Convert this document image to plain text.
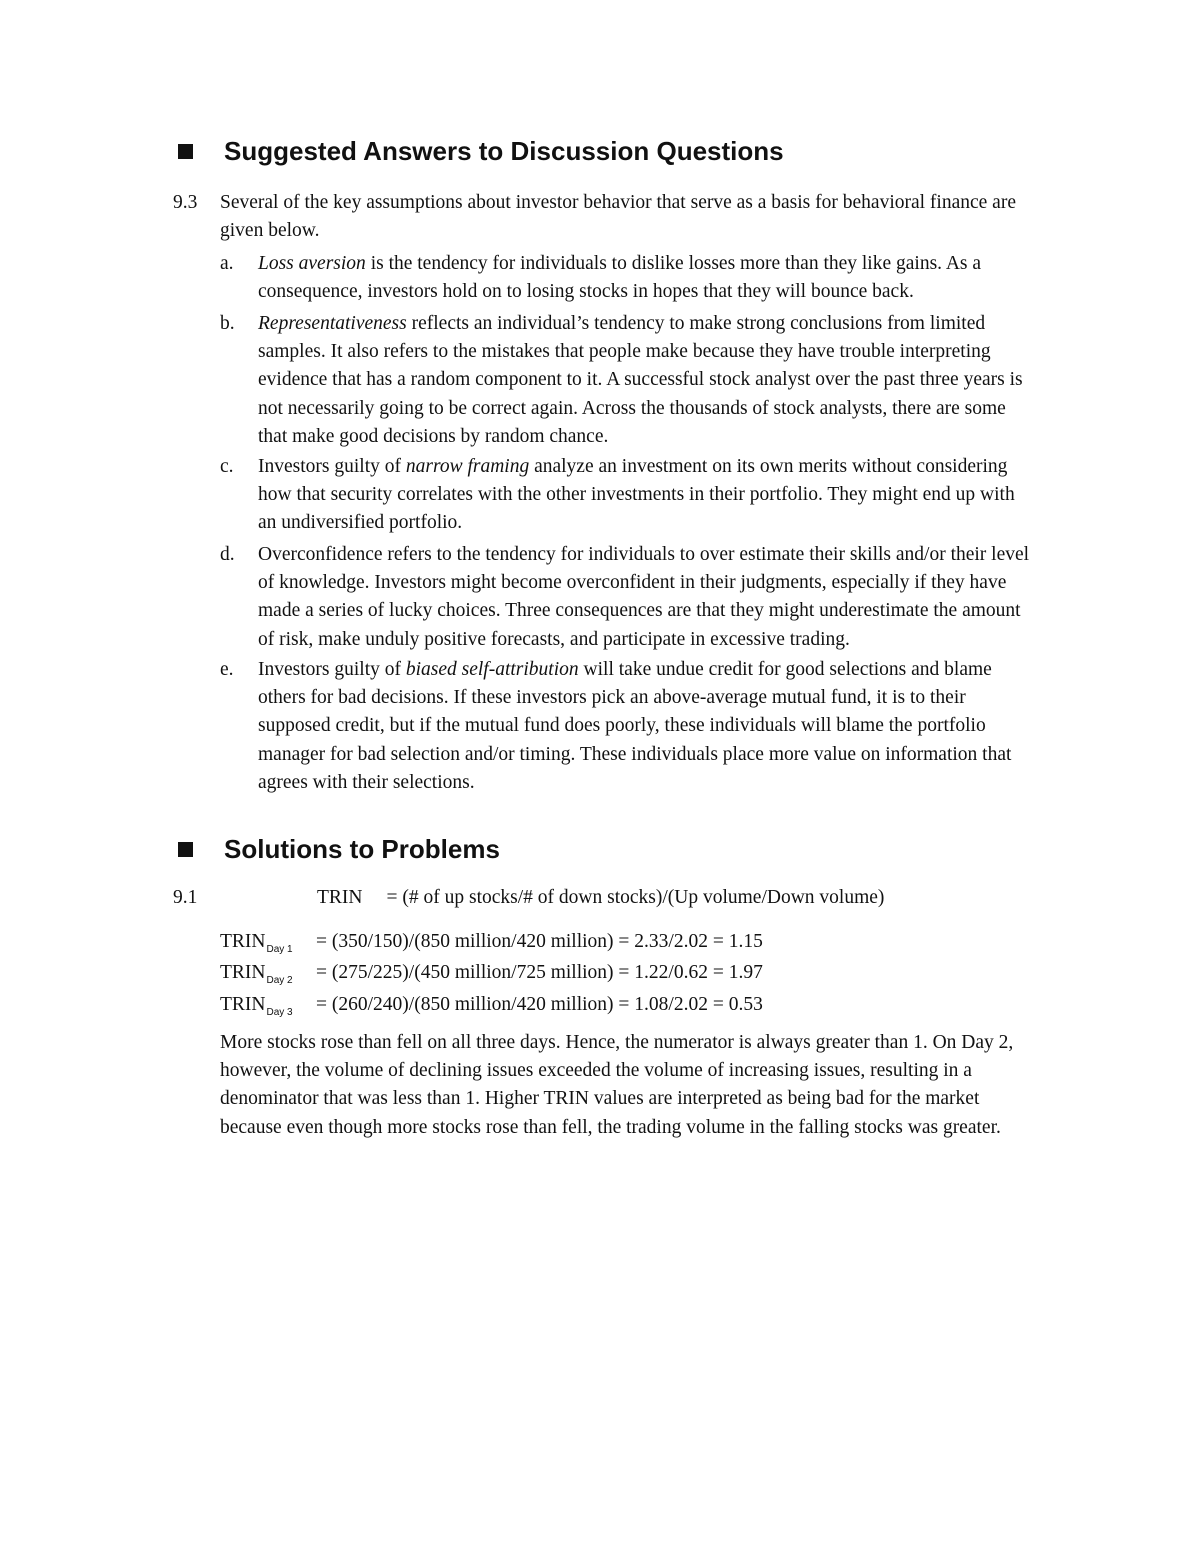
Suggested Answers to Discussion Questions
9.3 Several of the key assumptions about investor behavior that serve as a basis for behavioral finance are
given below.
a. Loss aversion is the tendency for individuals to dislike losses more than they like gains. As a
consequence, investors hold on to losing stocks in hopes that they will bounce back.
b. Representativeness reflects an individual’s tendency to make strong conclusions from limited
samples. It also refers to the mistakes that people make because they have trouble interpreting
evidence that has a random component to it. A successful stock analyst over the past three years is
not necessarily going to be correct again. Across the thousands of stock analysts, there are some
that make good decisions by random chance.
c. Investors guilty of narrow framing analyze an investment on its own merits without considering
how that security correlates with the other investments in their portfolio. They might end up with
an undiversified portfolio.
d. Overconfidence refers to the tendency for individuals to over estimate their skills and/or their level
of knowledge. Investors might become overconfident in their judgments, especially if they have
made a series of lucky choices. Three consequences are that they might underestimate the amount
of risk, make unduly positive forecasts, and participate in excessive trading.
e. Investors guilty of biased self-attribution will take undue credit for good selections and blame
others for bad decisions. If these investors pick an above-average mutual fund, it is to their
supposed credit, but if the mutual fund does poorly, these individuals will blame the portfolio
manager for bad selection and/or timing. These individuals place more value on information that
agrees with their selections.
Solutions to Problems
9.1	TRIN = (# of up stocks/# of down stocks)/(Up volume/Down volume)
$TRIN_{Day 1} = (350/150)/(850$ million/420 million) = 2.33/2.02 = 1.15
$TRIN_{Day 2} = (275/225)/(450$ million/725 million) = 1.22/0.62 = 1.97
$TRIN_{Day 3} = (260/240)/(850$ million/420 million) = 1.08/2.02 = 0.53
More stocks rose than fell on all three days. Hence, the numerator is always greater than 1. On Day 2,
however, the volume of declining issues exceeded the volume of increasing issues, resulting in a
denominator that was less than 1. Higher TRIN values are interpreted as being bad for the market
because even though more stocks rose than fell, the trading volume in the falling stocks was greater.
